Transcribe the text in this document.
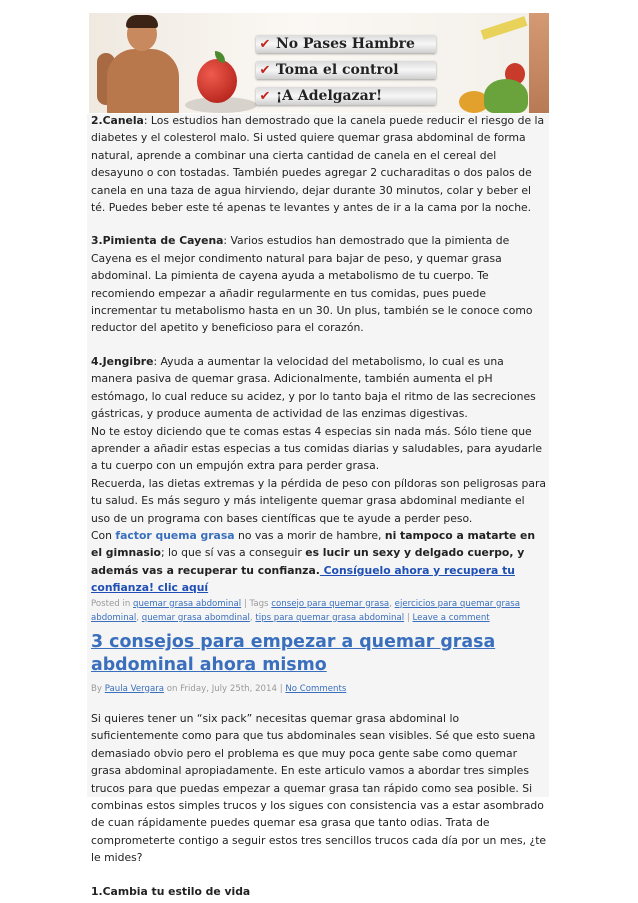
✔ No Pases Hambre
✔ Toma el control
✔ ¡A Adelgazar!

2.Canela: Los estudios han demostrado que la canela puede reducir el riesgo de la diabetes y el colesterol malo. Si usted quiere quemar grasa abdominal de forma natural, aprende a combinar una cierta cantidad de canela en el cereal del desayuno o con tostadas. También puedes agregar 2 cucharaditas o dos palos de canela en una taza de agua hirviendo, dejar durante 30 minutos, colar y beber el té. Puedes beber este té apenas te levantes y antes de ir a la cama por la noche.

3.Pimienta de Cayena: Varios estudios han demostrado que la pimienta de Cayena es el mejor condimento natural para bajar de peso, y quemar grasa abdominal. La pimienta de cayena ayuda a metabolismo de tu cuerpo. Te recomiendo empezar a añadir regularmente en tus comidas, pues puede incrementar tu metabolismo hasta en un 30. Un plus, también se le conoce como reductor del apetito y beneficioso para el corazón.

4.Jengibre: Ayuda a aumentar la velocidad del metabolismo, lo cual es una manera pasiva de quemar grasa. Adicionalmente, también aumenta el pH estómago, lo cual reduce su acidez, y por lo tanto baja el ritmo de las secreciones gástricas, y produce aumenta de actividad de las enzimas digestivas.

No te estoy diciendo que te comas estas 4 especias sin nada más. Sólo tiene que aprender a añadir estas especias a tus comidas diarias y saludables, para ayudarle a tu cuerpo con un empujón extra para perder grasa.

Recuerda, las dietas extremas y la pérdida de peso con píldoras son peligrosas para tu salud. Es más seguro y más inteligente quemar grasa abdominal mediante el uso de un programa con bases científicas que te ayude a perder peso.

Con factor quema grasa no vas a morir de hambre, ni tampoco a matarte en el gimnasio; lo que sí vas a conseguir es lucir un sexy y delgado cuerpo, y además vas a recuperar tu confianza. Consíguelo ahora y recupera tu confianza! clic aquí

Posted in quemar grasa abdominal | Tags consejo para quemar grasa, ejercicios para quemar grasa abdominal, quemar grasa abomdinal, tips para quemar grasa abdominal | Leave a comment
3 consejos para empezar a quemar grasa abdominal ahora mismo
By Paula Vergara on Friday, July 25th, 2014 | No Comments

Si quieres tener un “six pack” necesitas quemar grasa abdominal lo suficientemente como para que tus abdominales sean visibles. Sé que esto suena demasiado obvio pero el problema es que muy poca gente sabe como quemar grasa abdominal apropiadamente. En este articulo vamos a abordar tres simples trucos para que puedas empezar a quemar grasa tan rápido como sea posible. Si combinas estos simples trucos y los sigues con consistencia vas a estar asombrado de cuan rápidamente puedes quemar esa grasa que tanto odias. Trata de comprometerte contigo a seguir estos tres sencillos trucos cada día por un mes, ¿te le mides?

1.Cambia tu estilo de vida
